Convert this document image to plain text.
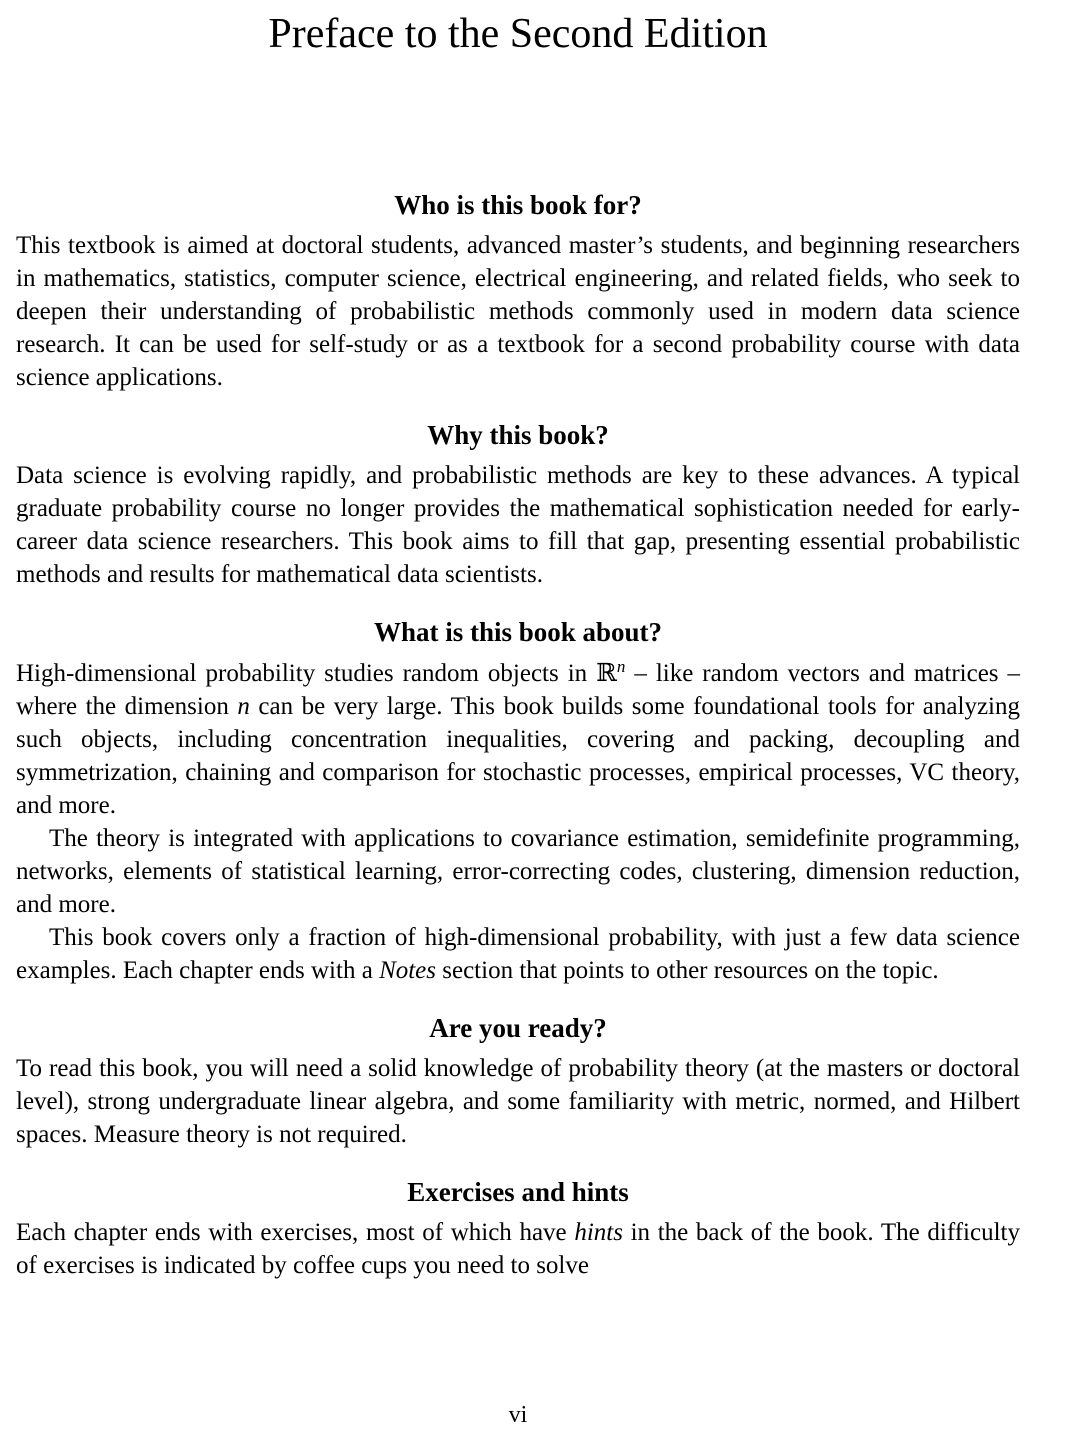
Preface to the Second Edition
Who is this book for?

This textbook is aimed at doctoral students, advanced master’s students, and beginning researchers in mathematics, statistics, computer science, electrical engineering, and related fields, who seek to deepen their understanding of probabilistic methods commonly used in modern data science research. It can be used for self-study or as a textbook for a second probability course with data science applications.

Why this book?

Data science is evolving rapidly, and probabilistic methods are key to these advances. A typical graduate probability course no longer provides the mathematical sophistication needed for early-career data science researchers. This book aims to fill that gap, presenting essential probabilistic methods and results for mathematical data scientists.

What is this book about?

High-dimensional probability studies random objects in ℝ$^n$ – like random vectors and matrices – where the dimension n can be very large. This book builds some foundational tools for analyzing such objects, including concentration inequalities, covering and packing, decoupling and symmetrization, chaining and comparison for stochastic processes, empirical processes, VC theory, and more.

The theory is integrated with applications to covariance estimation, semidefinite programming, networks, elements of statistical learning, error-correcting codes, clustering, dimension reduction, and more.

This book covers only a fraction of high-dimensional probability, with just a few data science examples. Each chapter ends with a Notes section that points to other resources on the topic.

Are you ready?

To read this book, you will need a solid knowledge of probability theory (at the masters or doctoral level), strong undergraduate linear algebra, and some familiarity with metric, normed, and Hilbert spaces. Measure theory is not required.

Exercises and hints

Each chapter ends with exercises, most of which have hints in the back of the book. The difficulty of exercises is indicated by coffee cups you need to solve

vi
